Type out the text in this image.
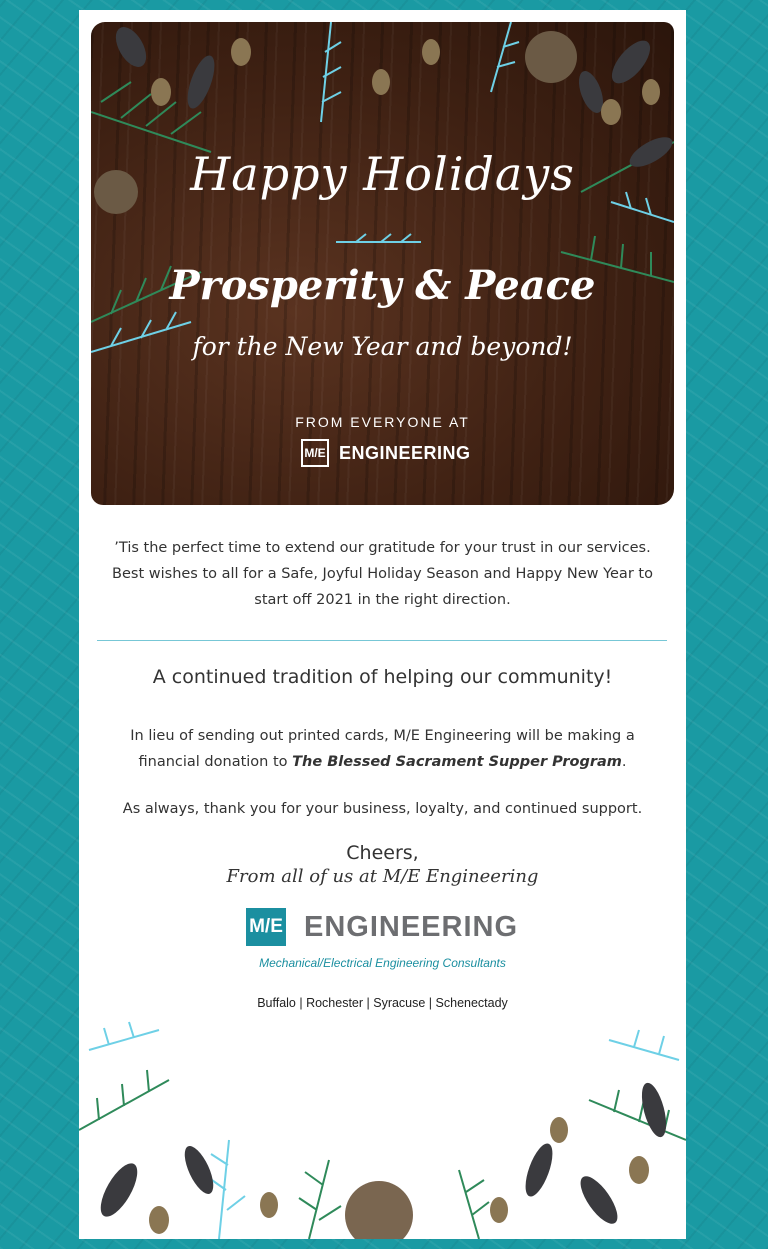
Happy Holidays
Prosperity & Peace
for the New Year and beyond!
FROM EVERYONE AT
M/E ENGINEERING
’Tis the perfect time to extend our gratitude for your trust in our services. Best wishes to all for a Safe, Joyful Holiday Season and Happy New Year to start off 2021 in the right direction.
A continued tradition of helping our community!
In lieu of sending out printed cards, M/E Engineering will be making a financial donation to The Blessed Sacrament Supper Program.
As always, thank you for your business, loyalty, and continued support.
Cheers,
From all of us at M/E Engineering
M/E ENGINEERING
Mechanical/Electrical Engineering Consultants
Buffalo | Rochester | Syracuse | Schenectady
